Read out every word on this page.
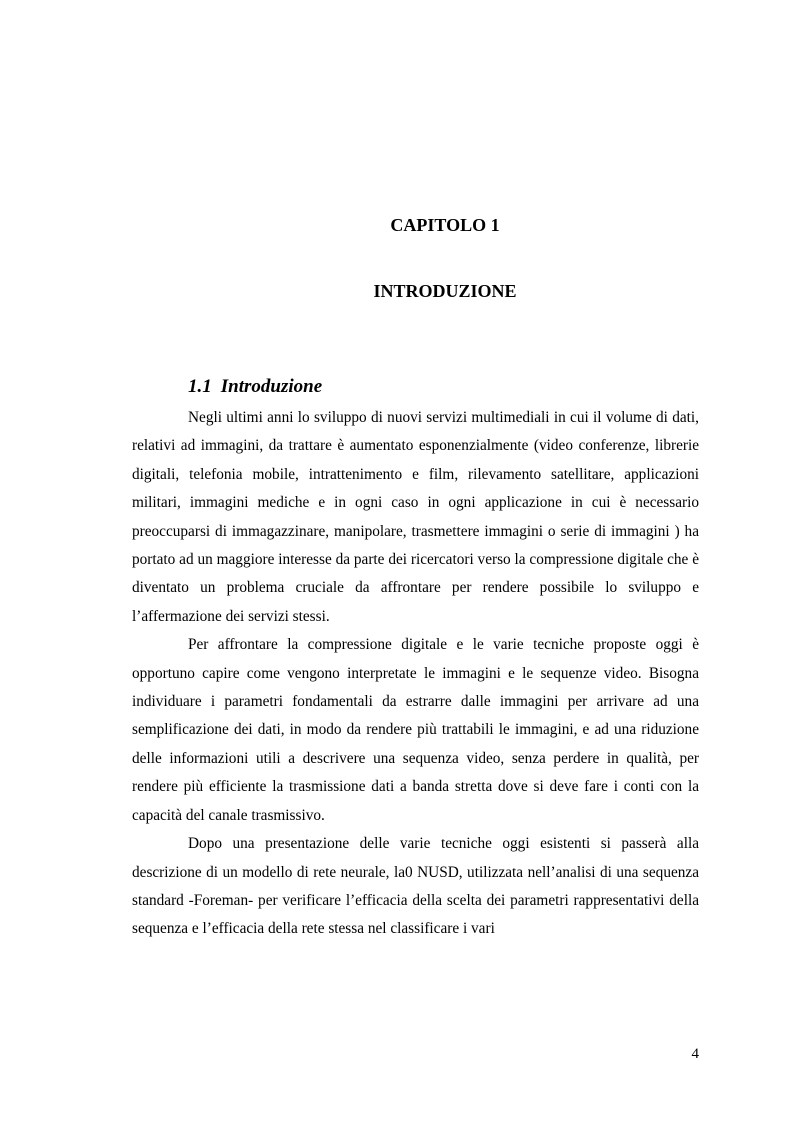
CAPITOLO 1
INTRODUZIONE
1.1 Introduzione

Negli ultimi anni lo sviluppo di nuovi servizi multimediali in cui il volume di dati, relativi ad immagini, da trattare è aumentato esponenzialmente (video conferenze, librerie digitali, telefonia mobile, intrattenimento e film, rilevamento satellitare, applicazioni militari, immagini mediche e in ogni caso in ogni applicazione in cui è necessario preoccuparsi di immagazzinare, manipolare, trasmettere immagini o serie di immagini ) ha portato ad un maggiore interesse da parte dei ricercatori verso la compressione digitale che è diventato un problema cruciale da affrontare per rendere possibile lo sviluppo e l’affermazione dei servizi stessi.

Per affrontare la compressione digitale e le varie tecniche proposte oggi è opportuno capire come vengono interpretate le immagini e le sequenze video. Bisogna individuare i parametri fondamentali da estrarre dalle immagini per arrivare ad una semplificazione dei dati, in modo da rendere più trattabili le immagini, e ad una riduzione delle informazioni utili a descrivere una sequenza video, senza perdere in qualità, per rendere più efficiente la trasmissione dati a banda stretta dove si deve fare i conti con la capacità del canale trasmissivo.

Dopo una presentazione delle varie tecniche oggi esistenti si passerà alla descrizione di un modello di rete neurale, la0 NUSD, utilizzata nell’analisi di una sequenza standard -Foreman- per verificare l’efficacia della scelta dei parametri rappresentativi della sequenza e l’efficacia della rete stessa nel classificare i vari

4
